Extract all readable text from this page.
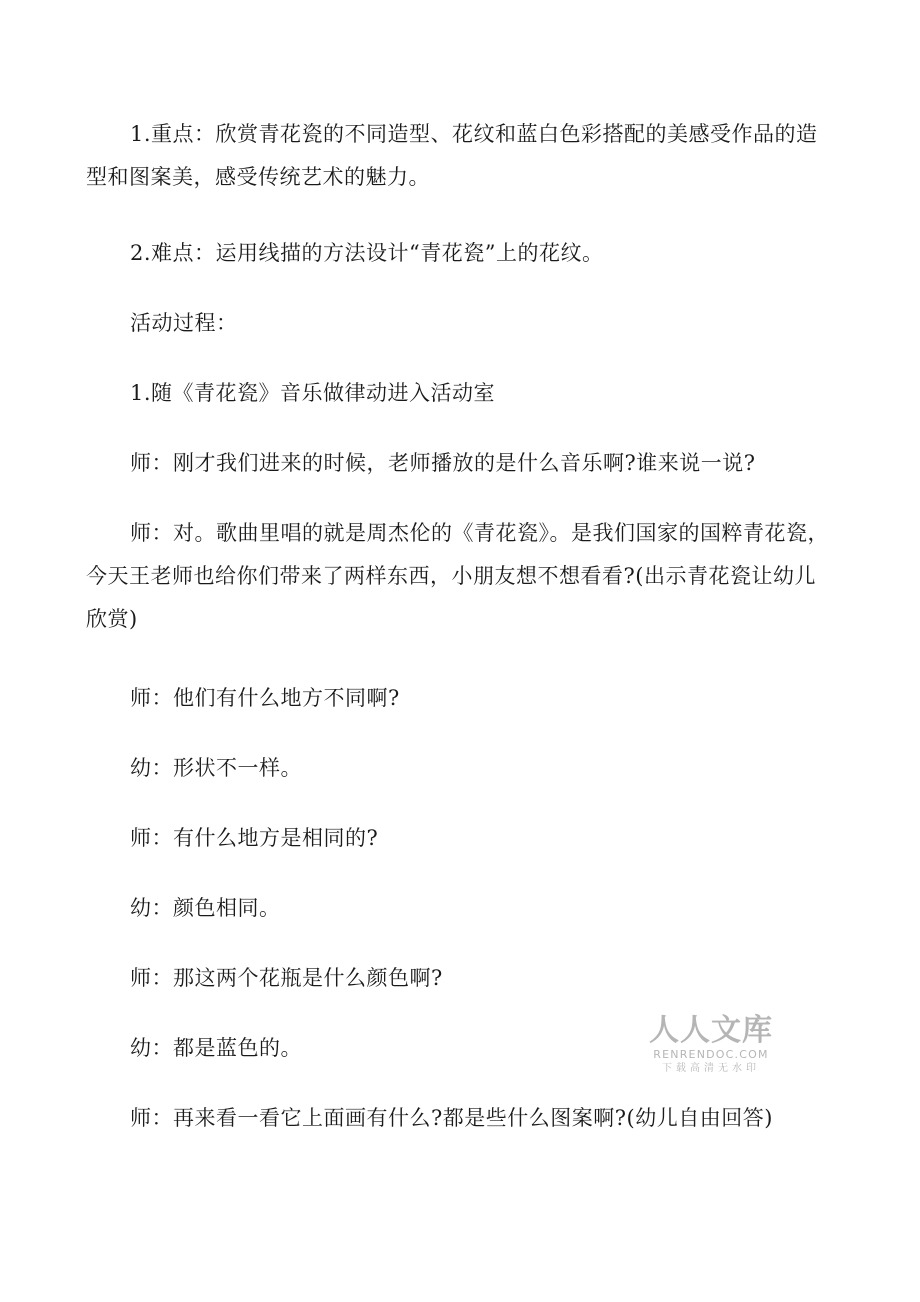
1.重点：欣赏青花瓷的不同造型、花纹和蓝白色彩搭配的美感受作品的造型和图案美，感受传统艺术的魅力。

2.难点：运用线描的方法设计“青花瓷”上的花纹。

活动过程：

1.随《青花瓷》音乐做律动进入活动室

师：刚才我们进来的时候，老师播放的是什么音乐啊?谁来说一说?

师：对。歌曲里唱的就是周杰伦的《青花瓷》。是我们国家的国粹青花瓷，今天王老师也给你们带来了两样东西，小朋友想不想看看?(出示青花瓷让幼儿欣赏)

师：他们有什么地方不同啊?

幼：形状不一样。

师：有什么地方是相同的?

幼：颜色相同。

师：那这两个花瓶是什么颜色啊?

幼：都是蓝色的。

师：再来看一看它上面画有什么?都是些什么图案啊?(幼儿自由回答)

人人文库
RENRENDOC.COM
下载高清无水印
